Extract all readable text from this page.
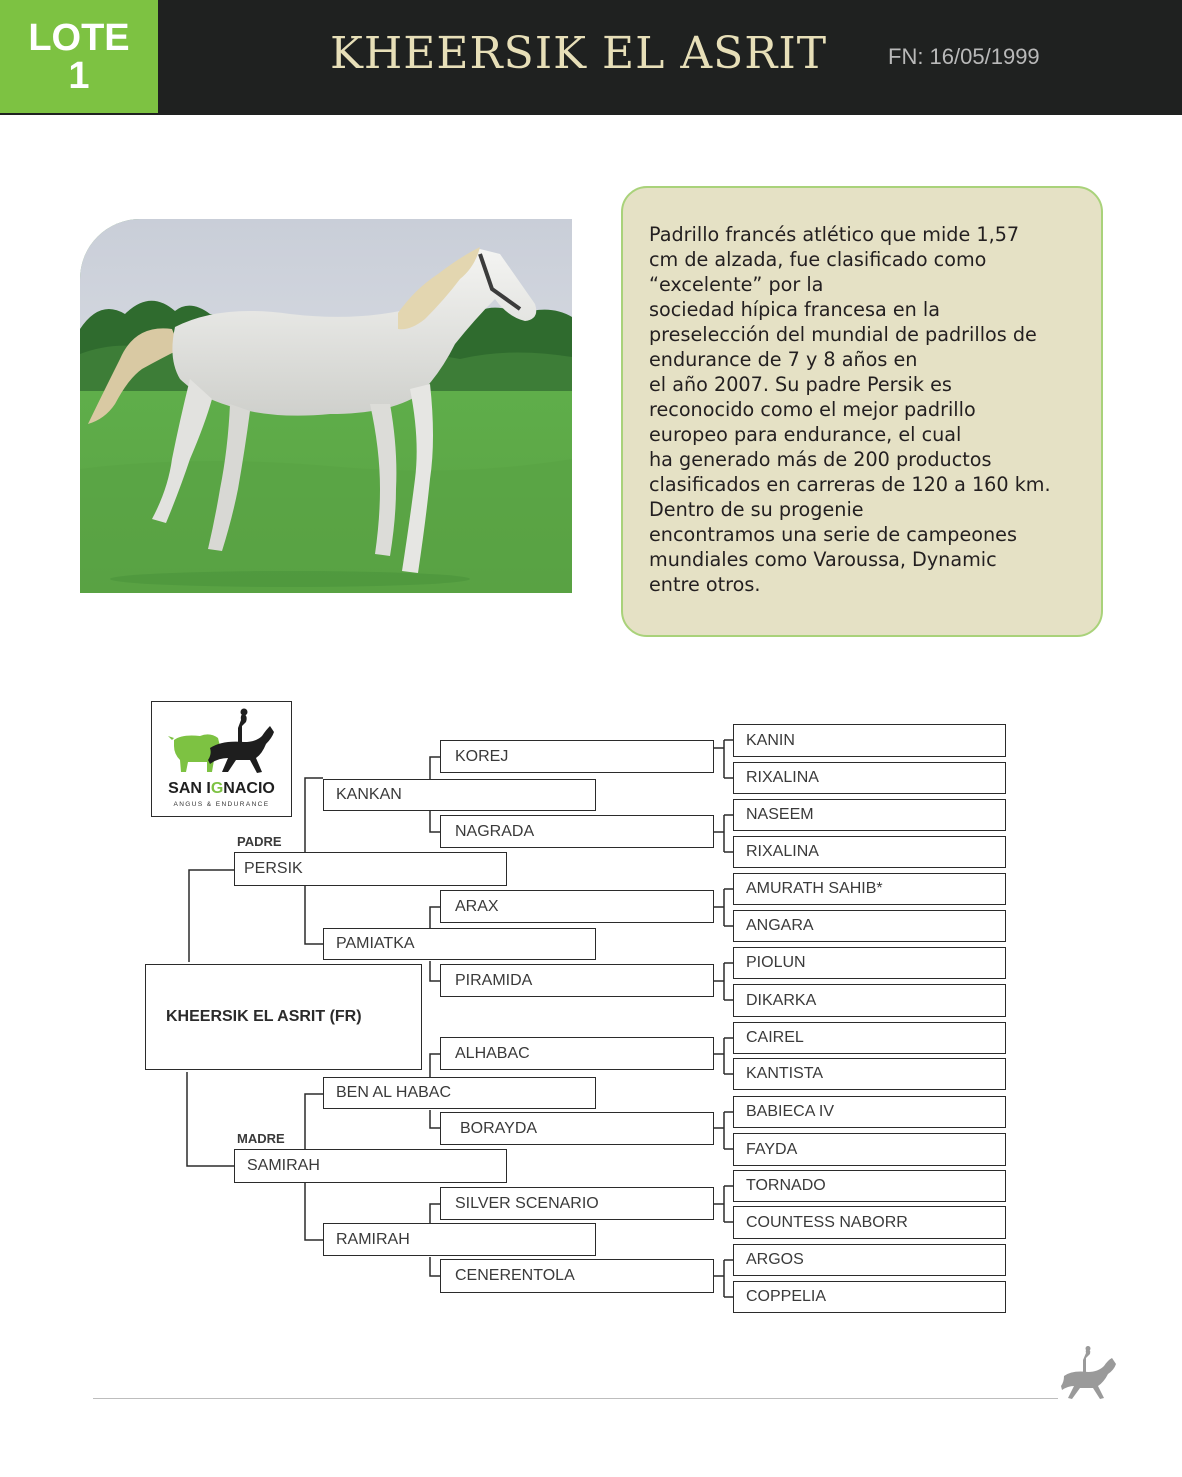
LOTE
1	KHEERSIK EL ASRIT	FN: 16/05/1999
Padrillo francés atlético que mide 1,57
cm de alzada, fue clasificado como
“excelente” por la
sociedad hípica francesa en la
preselección del mundial de padrillos de
endurance de 7 y 8 años en
el año 2007. Su padre Persik es
reconocido como el mejor padrillo
europeo para endurance, el cual
ha generado más de 200 productos
clasificados en carreras de 120 a 160 km.
Dentro de su progenie
encontramos una serie de campeones
mundiales como Varoussa, Dynamic
entre otros.
SAN IGNACIO
ANGUS & ENDURANCE
KHEERSIK EL ASRIT (FR)
PADRE
MADRE
PERSIK
SAMIRAH
KANKAN
PAMIATKA
BEN AL HABAC
RAMIRAH
KOREJ
NAGRADA
ARAX
PIRAMIDA
ALHABAC
BORAYDA
SILVER SCENARIO
CENERENTOLA
KANIN
RIXALINA
NASEEM
RIXALINA
AMURATH SAHIB*
ANGARA
PIOLUN
DIKARKA
CAIREL
KANTISTA
BABIECA IV
FAYDA
TORNADO
COUNTESS NABORR
ARGOS
COPPELIA
